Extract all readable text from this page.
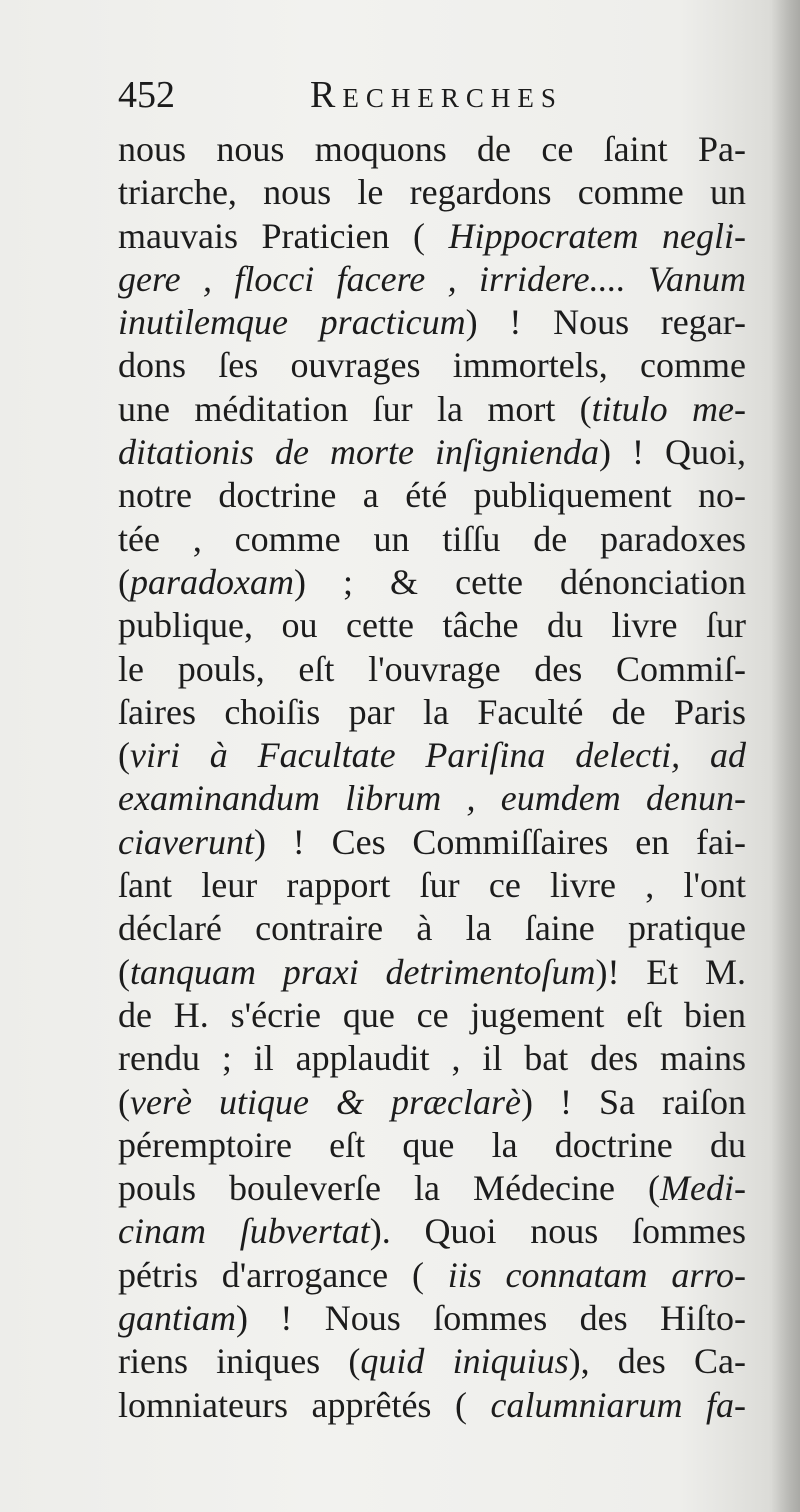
452	Recherches
nous nous moquons de ce ſaint Pa-
triarche, nous le regardons comme un
mauvais Praticien ( Hippocratem negli-
gere , flocci facere , irridere.... Vanum
inutilemque practicum) ! Nous regar-
dons ſes ouvrages immortels, comme
une méditation ſur la mort (titulo me-
ditationis de morte inſignienda) ! Quoi,
notre doctrine a été publiquement no-
tée , comme un tiſſu de paradoxes
(paradoxam) ; & cette dénonciation
publique, ou cette tâche du livre ſur
le pouls, eſt l'ouvrage des Commiſ-
ſaires choiſis par la Faculté de Paris
(viri à Facultate Pariſina delecti, ad
examinandum librum , eumdem denun-
ciaverunt) ! Ces Commiſſaires en fai-
ſant leur rapport ſur ce livre , l'ont
déclaré contraire à la ſaine pratique
(tanquam praxi detrimentoſum)! Et M.
de H. s'écrie que ce jugement eſt bien
rendu ; il applaudit , il bat des mains
(verè utique & præclarè) ! Sa raiſon
péremptoire eſt que la doctrine du
pouls bouleverſe la Médecine (Medi-
cinam ſubvertat). Quoi nous ſommes
pétris d'arrogance ( iis connatam arro-
gantiam) ! Nous ſommes des Hiſto-
riens iniques (quid iniquius), des Ca-
lomniateurs apprêtés ( calumniarum fa-
